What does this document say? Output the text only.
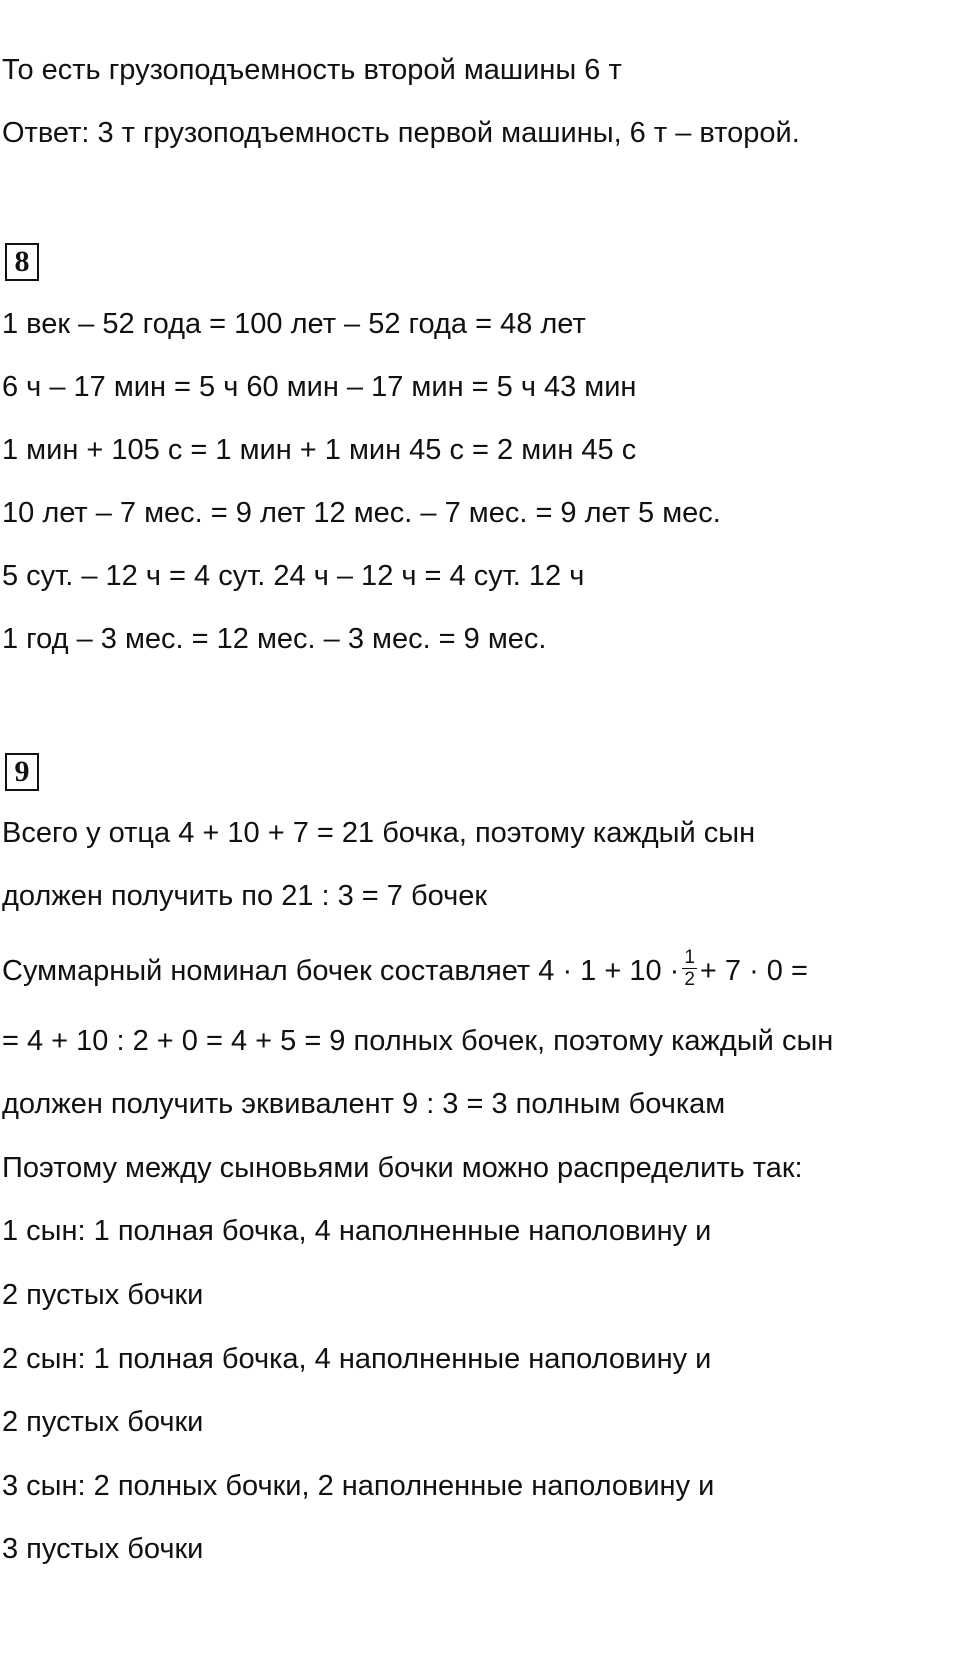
То есть грузоподъемность второй машины 6 т
Ответ: 3 т грузоподъемность первой машины, 6 т – второй.
8
1 век – 52 года = 100 лет – 52 года = 48 лет
6 ч – 17 мин = 5 ч 60 мин – 17 мин = 5 ч 43 мин
1 мин + 105 с = 1 мин + 1 мин 45 с = 2 мин 45 с
10 лет – 7 мес. = 9 лет 12 мес. – 7 мес. = 9 лет 5 мес.
5 сут. – 12 ч = 4 сут. 24 ч – 12 ч = 4 сут. 12 ч
1 год – 3 мес. = 12 мес. – 3 мес. = 9 мес.
9
Всего у отца 4 + 10 + 7 = 21 бочка, поэтому каждый сын
должен получить по 21 : 3 = 7 бочек
Суммарный номинал бочек составляет $4 \cdot 1 + 10 \cdot \frac{1}{2} + 7 \cdot 0$ =
= 4 + 10 : 2 + 0 = 4 + 5 = 9 полных бочек, поэтому каждый сын
должен получить эквивалент 9 : 3 = 3 полным бочкам
Поэтому между сыновьями бочки можно распределить так:
1 сын: 1 полная бочка, 4 наполненные наполовину и
2 пустых бочки
2 сын: 1 полная бочка, 4 наполненные наполовину и
2 пустых бочки
3 сын: 2 полных бочки, 2 наполненные наполовину и
3 пустых бочки
